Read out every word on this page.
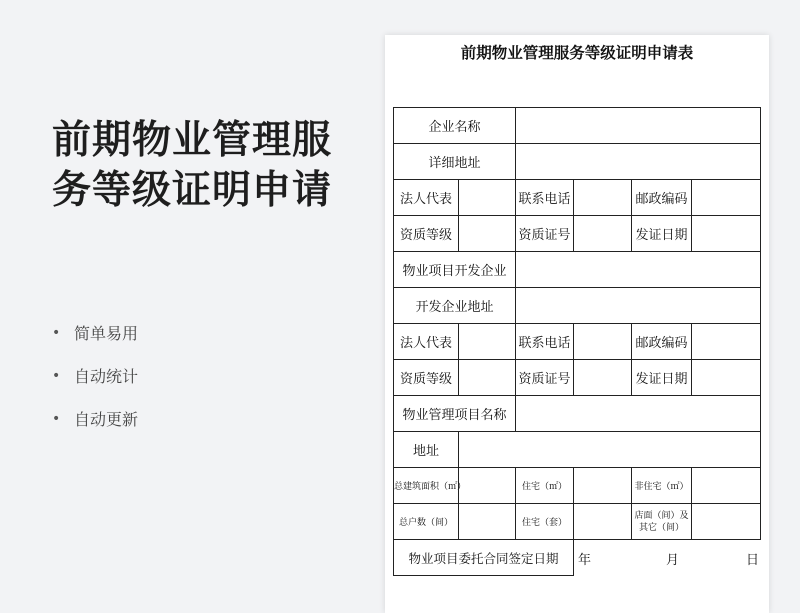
前期物业管理服
务等级证明申请
• 简单易用
• 自动统计
• 自动更新
前期物业管理服务等级证明申请表
企业名称					
详细地址					
法人代表		联系电话		邮政编码	
资质等级		资质证号		发证日期	
物业项目开发企业					
开发企业地址					
法人代表		联系电话		邮政编码	
资质等级		资质证号		发证日期	
物业管理项目名称					
地址					
总建筑面积（㎡）		住宅（㎡）		非住宅（㎡）	
总户数（间）		住宅（套）		店面（间）及其它（间）	
物业项目委托合同签定日期			年 月 日		
